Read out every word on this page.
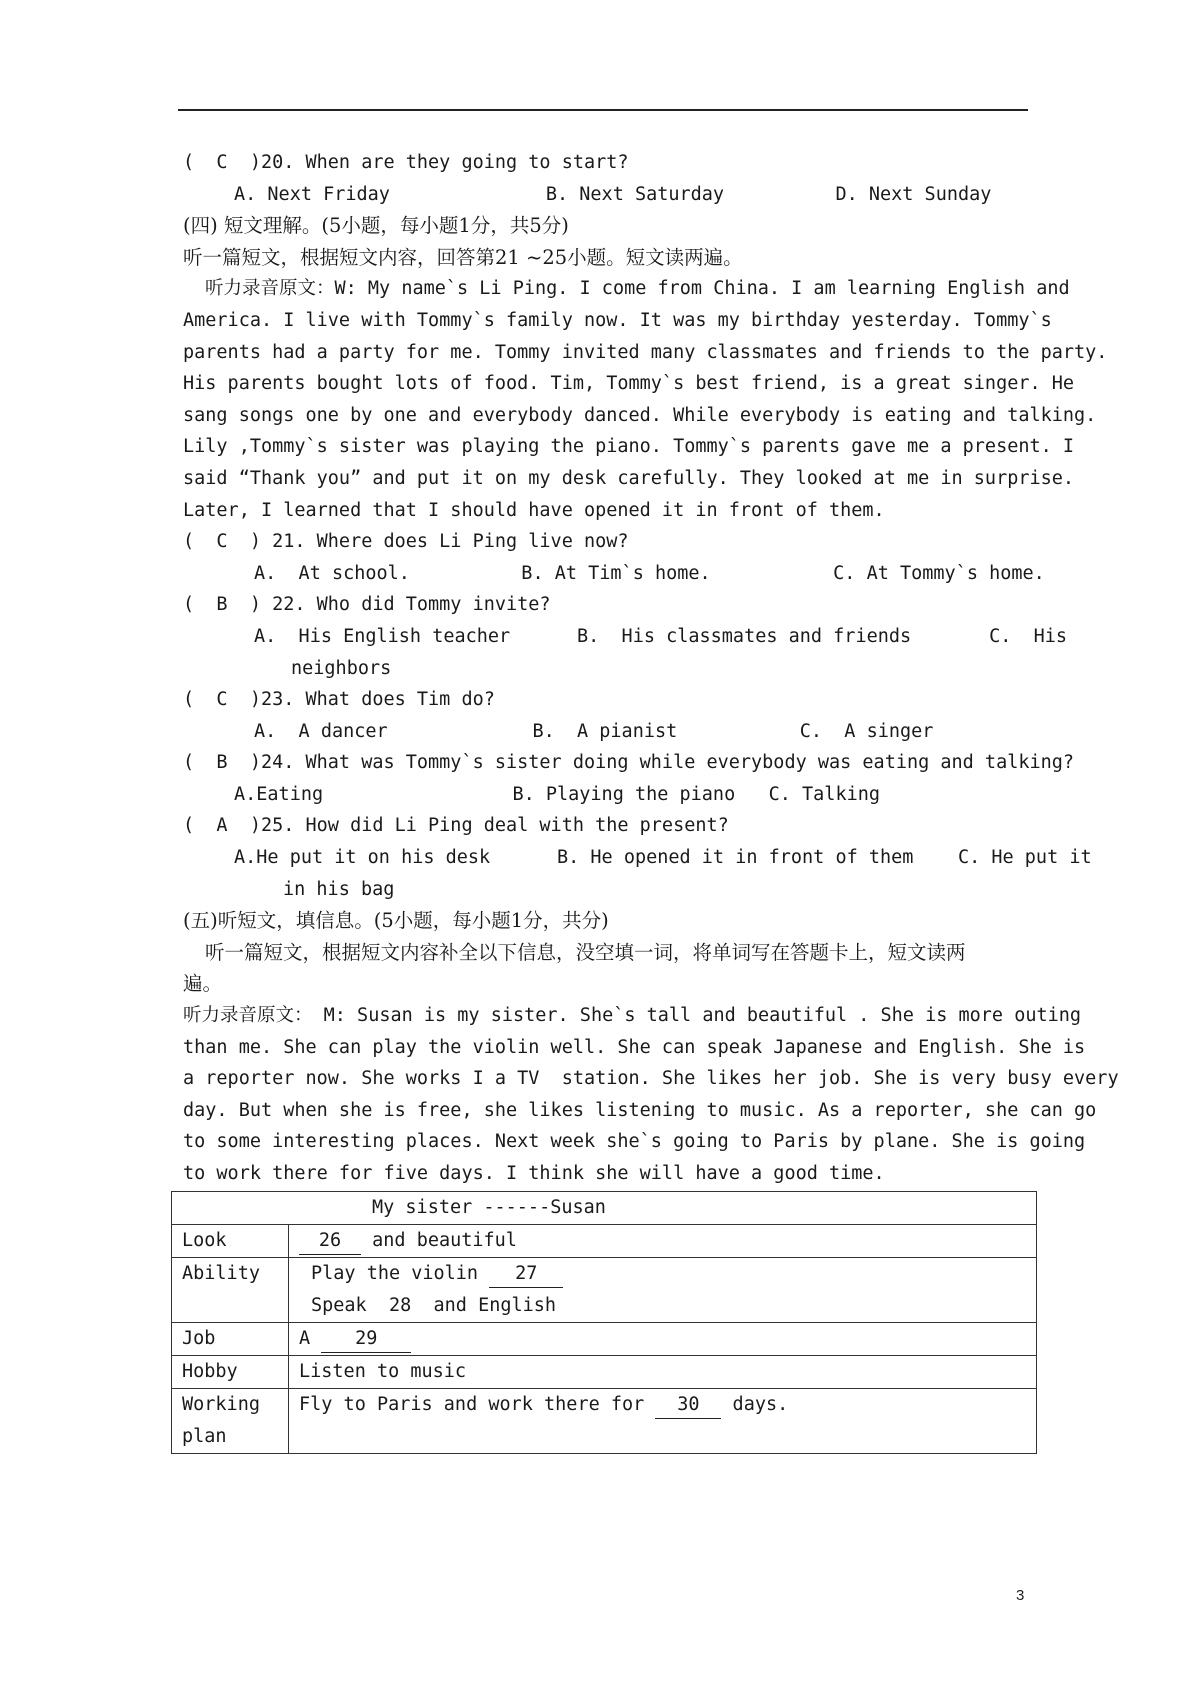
(  C  )20. When are they going to start?
A. Next Friday              B. Next Saturday          D. Next Sunday
(四) 短文理解。(5小题，每小题1分，共5分)
听一篇短文，根据短文内容，回答第21 ~25小题。短文读两遍。
听力录音原文：W: My name`s Li Ping. I come from China. I am learning English and
America. I live with Tommy`s family now. It was my birthday yesterday. Tommy`s
parents had a party for me. Tommy invited many classmates and friends to the party.
His parents bought lots of food. Tim, Tommy`s best friend, is a great singer. He
sang songs one by one and everybody danced. While everybody is eating and talking.
Lily ,Tommy`s sister was playing the piano. Tommy`s parents gave me a present. I
said “Thank you” and put it on my desk carefully. They looked at me in surprise.
Later, I learned that I should have opened it in front of them.
(  C  ) 21. Where does Li Ping live now?
A.  At school.          B. At Tim`s home.           C. At Tommy`s home.
(  B  ) 22. Who did Tommy invite?
A.  His English teacher      B.  His classmates and friends       C.  His
neighbors
(  C  )23. What does Tim do?
A.  A dancer             B.  A pianist           C.  A singer
(  B  )24. What was Tommy`s sister doing while everybody was eating and talking?
A.Eating                 B. Playing the piano   C. Talking
(  A  )25. How did Li Ping deal with the present?
A.He put it on his desk      B. He opened it in front of them    C. He put it
in his bag
(五)听短文，填信息。(5小题，每小题1分，共分)
听一篇短文，根据短文内容补全以下信息，没空填一词，将单词写在答题卡上，短文读两
遍。
听力录音原文： M: Susan is my sister. She`s tall and beautiful . She is more outing
than me. She can play the violin well. She can speak Japanese and English. She is
a reporter now. She works I a TV  station. She likes her job. She is very busy every
day. But when she is free, she likes listening to music. As a reporter, she can go
to some interesting places. Next week she`s going to Paris by plane. She is going
to work there for five days. I think she will have a good time.
My sister ------Susan	
Look	26 and beautiful
Ability	Play the violin 27
Speak  28  and English

Job	A 29
Hobby	Listen to music

Working
plan	Fly to Paris and work there for 30 days.
3
